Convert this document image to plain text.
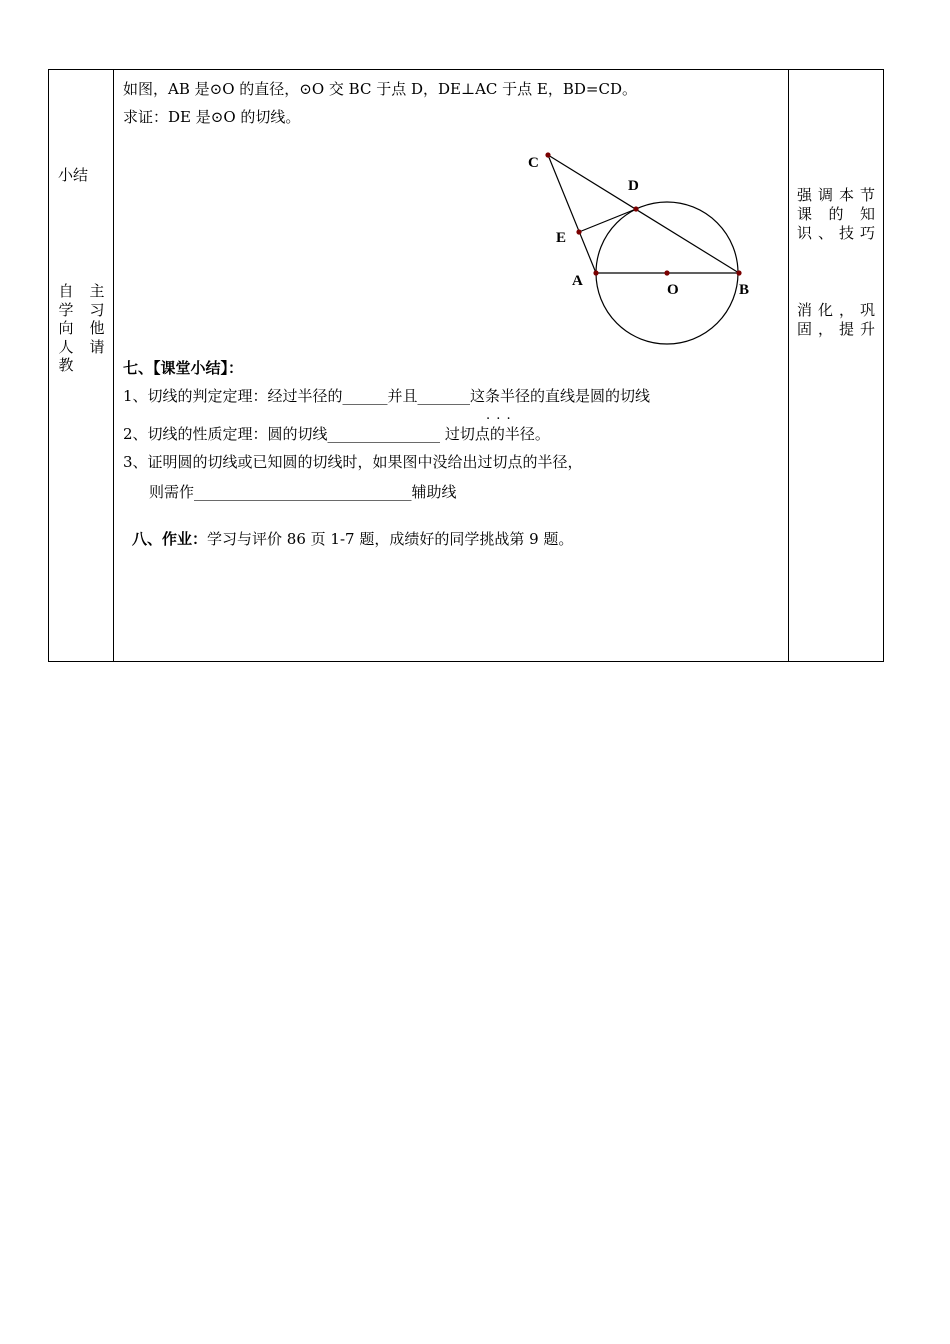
小结
自
学
向
人
教
主
习
他
请
如图，AB 是⊙O 的直径，⊙O 交 BC 于点 D，DE⊥AC 于点 E，BD=CD。
求证：DE 是⊙O 的切线。
C
D
E
A
O	B
七、【课堂小结】：
1、切线的判定定理：经过半径的______并且_______这条半径的直线是圆的切线
. . .
2、切线的性质定理：圆的切线_______________ 过切点的半径。
3、证明圆的切线或已知圆的切线时，如果图中没给出过切点的半径，
则需作_____________________________辅助线
八、作业：学习与评价 86 页 1-7 题，成绩好的同学挑战第 9 题。
强调本节
课的知
识、技巧
消化，巩
固，提升
